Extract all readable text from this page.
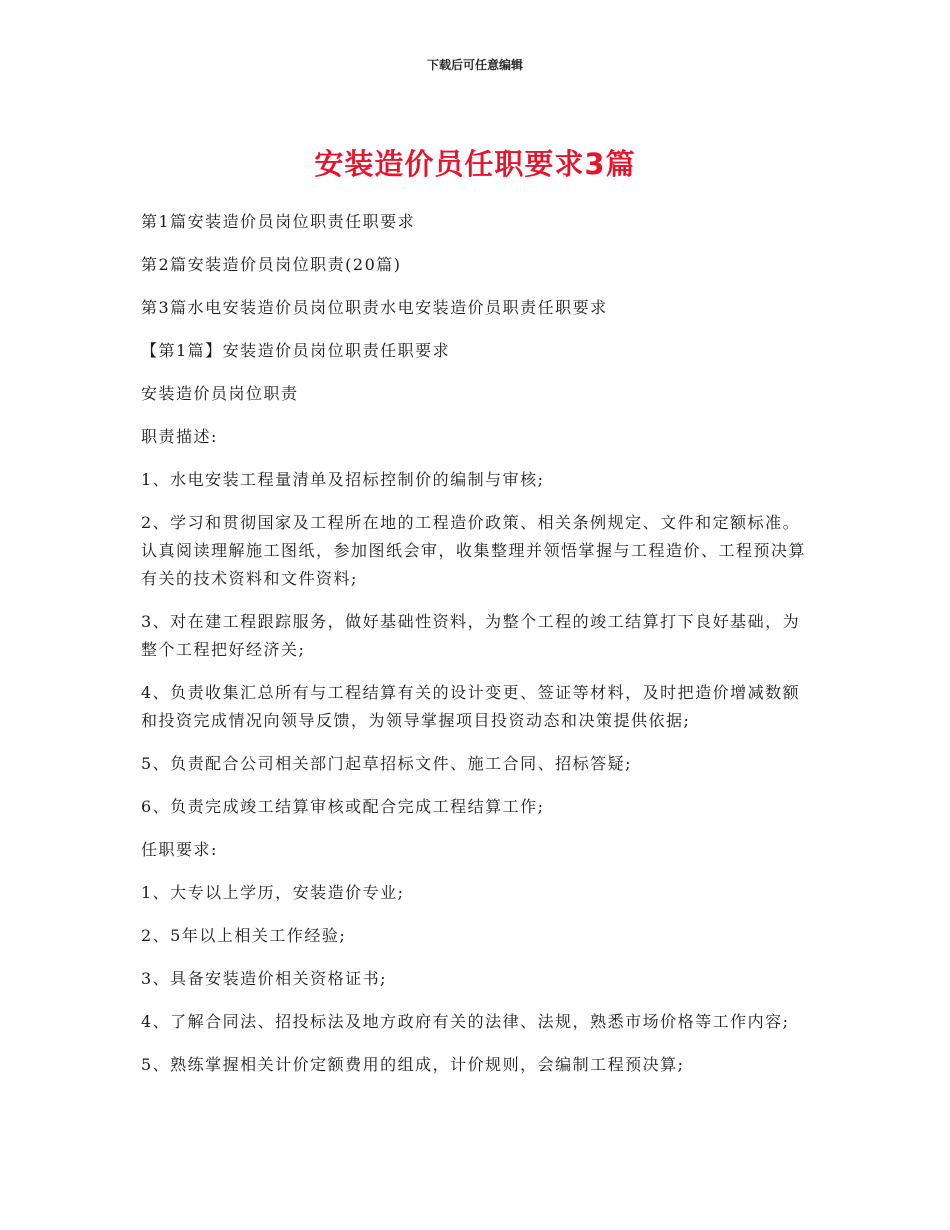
下载后可任意编辑
安装造价员任职要求3篇

第1篇安装造价员岗位职责任职要求

第2篇安装造价员岗位职责(20篇)

第3篇水电安装造价员岗位职责水电安装造价员职责任职要求

【第1篇】安装造价员岗位职责任职要求

安装造价员岗位职责

职责描述:

1、水电安装工程量清单及招标控制价的编制与审核;

2、学习和贯彻国家及工程所在地的工程造价政策、相关条例规定、文件和定额标准。认真阅读理解施工图纸，参加图纸会审，收集整理并领悟掌握与工程造价、工程预决算有关的技术资料和文件资料;

3、对在建工程跟踪服务，做好基础性资料，为整个工程的竣工结算打下良好基础，为整个工程把好经济关;

4、负责收集汇总所有与工程结算有关的设计变更、签证等材料，及时把造价增减数额和投资完成情况向领导反馈，为领导掌握项目投资动态和决策提供依据;

5、负责配合公司相关部门起草招标文件、施工合同、招标答疑;

6、负责完成竣工结算审核或配合完成工程结算工作;

任职要求:

1、大专以上学历，安装造价专业;

2、5年以上相关工作经验;

3、具备安装造价相关资格证书;

4、了解合同法、招投标法及地方政府有关的法律、法规，熟悉市场价格等工作内容;

5、熟练掌握相关计价定额费用的组成，计价规则，会编制工程预决算;
